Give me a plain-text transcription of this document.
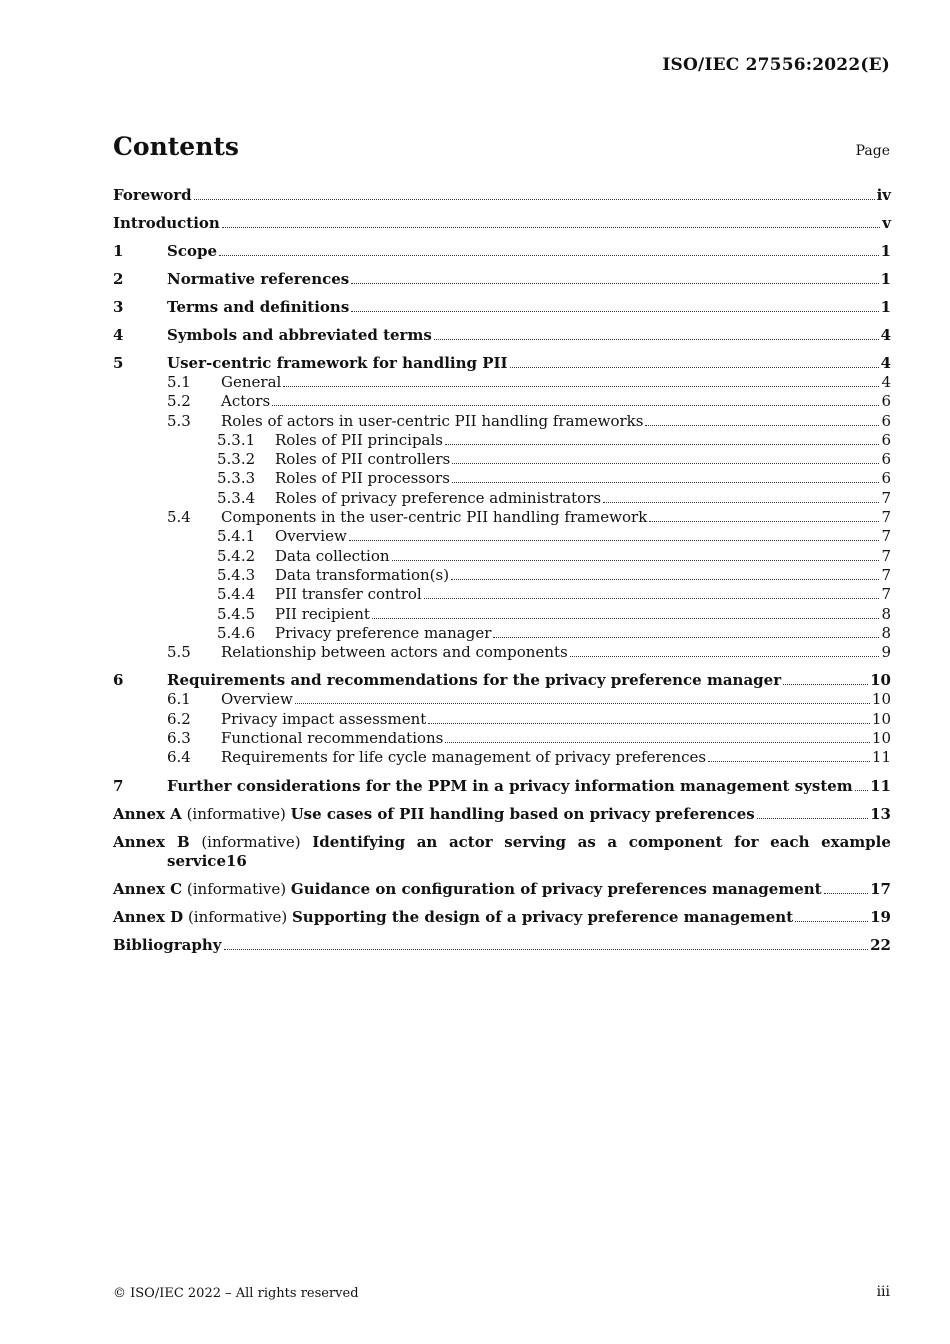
ISO/IEC 27556:2022(E)
Contents	Page
Foreword	iv
Introduction	v
1	Scope	1
2	Normative references	1
3	Terms and definitions	1
4	Symbols and abbreviated terms	4
5	User-centric framework for handling PII	4
5.1	General	4
5.2	Actors	6
5.3	Roles of actors in user-centric PII handling frameworks	6
5.3.1	Roles of PII principals	6
5.3.2	Roles of PII controllers	6
5.3.3	Roles of PII processors	6
5.3.4	Roles of privacy preference administrators	7
5.4	Components in the user-centric PII handling framework	7
5.4.1	Overview	7
5.4.2	Data collection	7
5.4.3	Data transformation(s)	7
5.4.4	PII transfer control	7
5.4.5	PII recipient	8
5.4.6	Privacy preference manager	8
5.5	Relationship between actors and components	9
6	Requirements and recommendations for the privacy preference manager	10
6.1	Overview	10
6.2	Privacy impact assessment	10
6.3	Functional recommendations	10
6.4	Requirements for life cycle management of privacy preferences	11
7	Further considerations for the PPM in a privacy information management system 11
Annex A (informative) Use cases of PII handling based on privacy preferences	13
Annex B (informative) Identifying an actor serving as a component for each example
service 16
Annex C (informative) Guidance on configuration of privacy preferences management	17
Annex D (informative) Supporting the design of a privacy preference management	19
Bibliography	22
© ISO/IEC 2022 – All rights reserved	iii
